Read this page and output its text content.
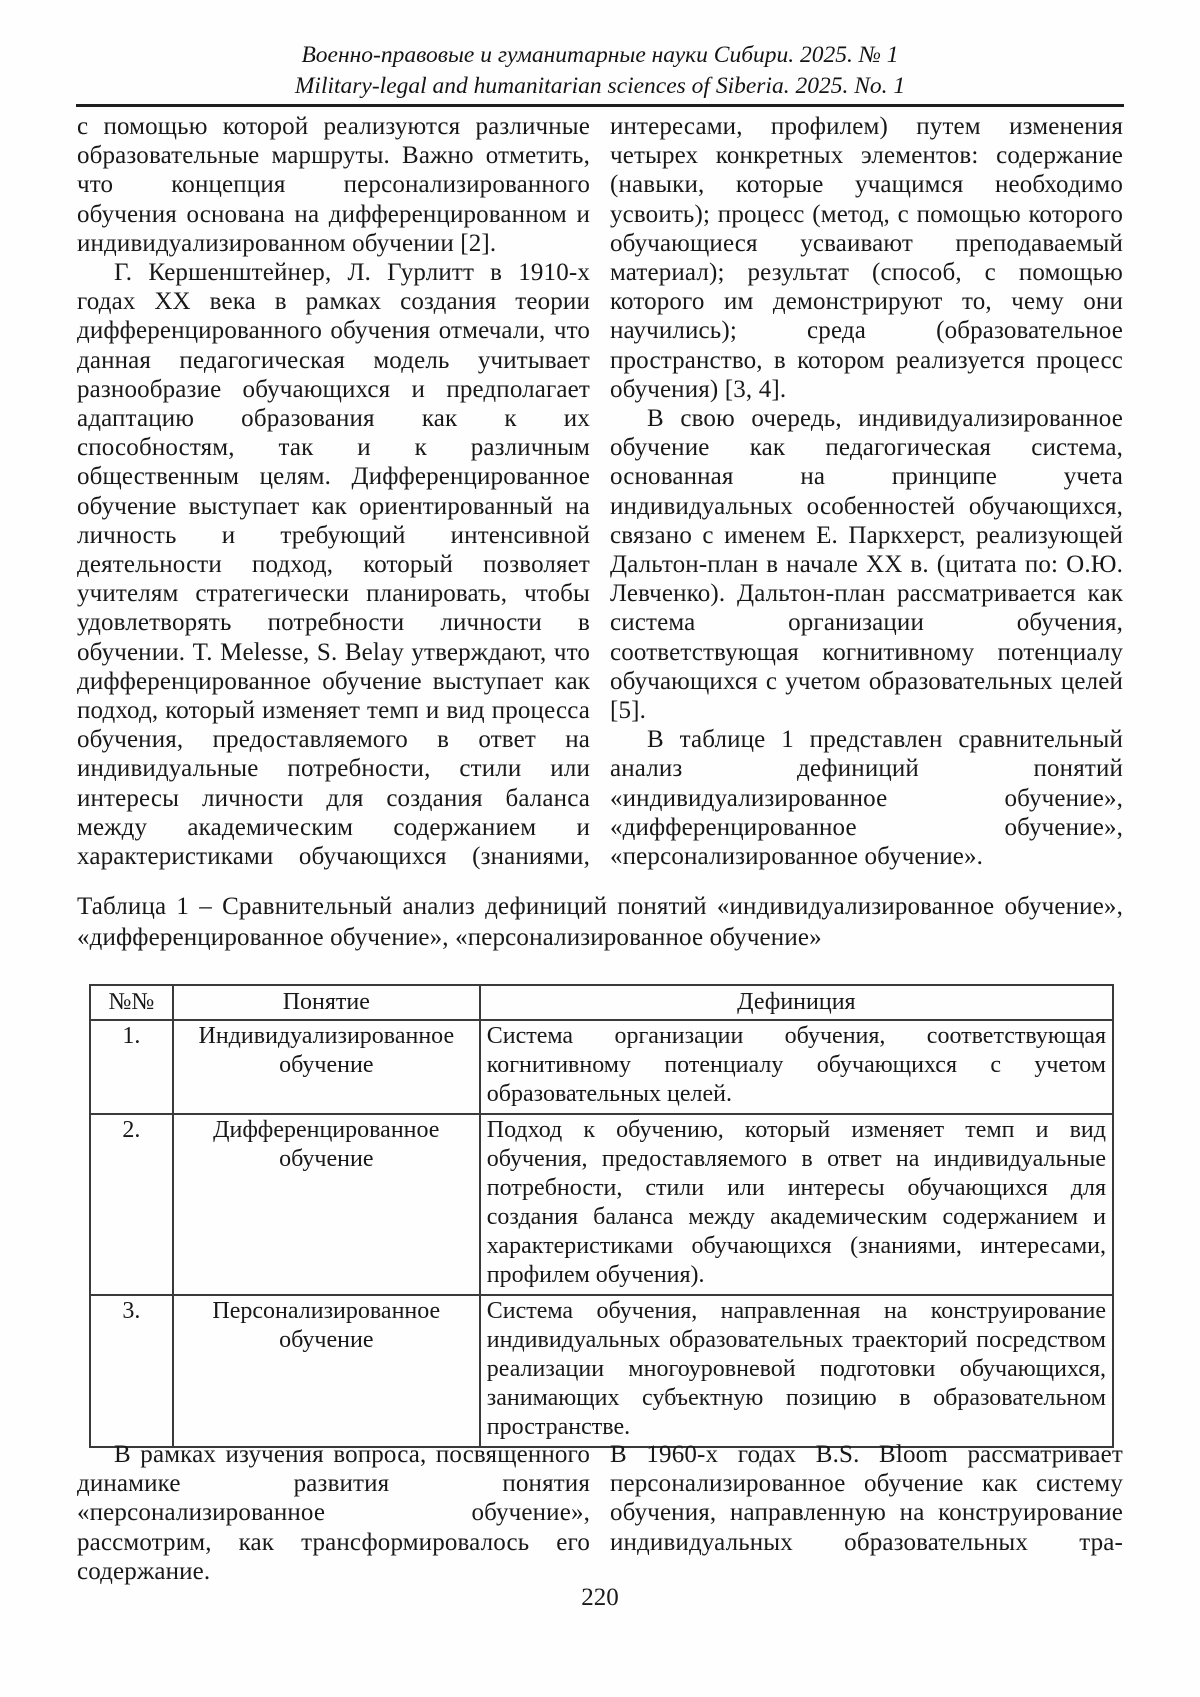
Военно-правовые и гуманитарные науки Сибири. 2025. № 1
Military-legal and humanitarian sciences of Siberia. 2025. No. 1

с помощью которой реализуются различные образовательные маршруты. Важно отметить, что концепция персонализированного обучения основана на дифференцированном и индивидуализированном обучении [2].

Г. Кершенштейнер, Л. Гурлитт в 1910-х годах XX века в рамках создания теории дифференцированного обучения отмечали, что данная педагогическая модель учитывает разнообразие обучающихся и предполагает адаптацию образования как к их способностям, так и к различным общественным целям. Дифференцированное обучение выступает как ориентированный на личность и требующий интенсивной деятельности подход, который позволяет учителям стратегически планировать, чтобы удовлетворять потребности личности в обучении. T. Melesse, S. Belay утверждают, что дифференцированное обучение выступает как подход, который изменяет темп и вид процесса обучения, предоставляемого в ответ на индивидуальные потребности, стили или интересы личности для создания баланса между академическим содержанием и характеристиками обучающихся (знаниями,

интересами, профилем) путем изменения четырех конкретных элементов: содержание (навыки, которые учащимся необходимо усвоить); процесс (метод, с помощью которого обучающиеся усваивают преподаваемый материал); результат (способ, с помощью которого им демонстрируют то, чему они научились); среда (образовательное пространство, в котором реализуется процесс обучения) [3, 4].

В свою очередь, индивидуализированное обучение как педагогическая система, основанная на принципе учета индивидуальных особенностей обучающихся, связано с именем Е. Паркхерст, реализующей Дальтон-план в начале XX в. (цитата по: О.Ю. Левченко). Дальтон-план рассматривается как система организации обучения, соответствующая когнитивному потенциалу обучающихся с учетом образовательных целей [5].

В таблице 1 представлен сравнительный анализ дефиниций понятий «индивидуализированное обучение», «дифференцированное обучение», «персонализированное обучение».

Таблица 1 – Сравнительный анализ дефиниций понятий «индивидуализированное обучение», «дифференцированное обучение», «персонализированное обучение»

№№	Понятие	Дефиниция
1.	Индивидуализированное обучение	Система организации обучения, соответствующая когнитивному потенциалу обучающихся с учетом образовательных целей.
2.	Дифференцированное обучение	Подход к обучению, который изменяет темп и вид обучения, предоставляемого в ответ на индивидуальные потребности, стили или интересы обучающихся для создания баланса между академическим содержанием и характеристиками обучающихся (знаниями, интересами, профилем обучения).
3.	Персонализированное обучение	Система обучения, направленная на конструирование индивидуальных образовательных траекторий посредством реализации многоуровневой подготовки обучающихся, занимающих субъектную позицию в образовательном пространстве.

В рамках изучения вопроса, посвященного динамике развития понятия «персонализированное обучение», рассмотрим, как трансформировалось его содержание.

В 1960-х годах B.S. Bloom рассматривает персонализированное обучение как систему обучения, направленную на конструирование индивидуальных образовательных тра-

220
